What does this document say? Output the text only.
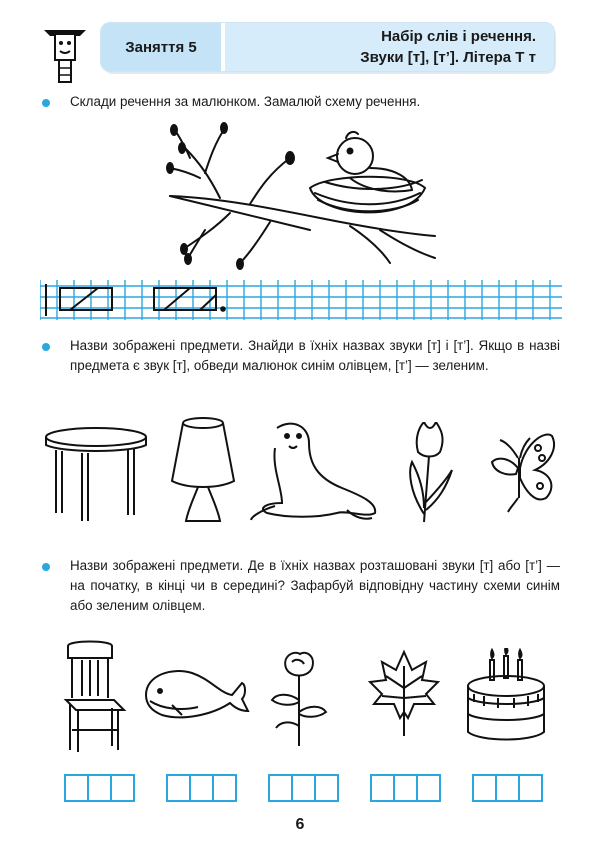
Заняття 5
Набір слів і речення.
Звуки [т], [т’]. Літера Т т
Склади речення за малюнком. Замалюй схему речення.
Назви зображені предмети. Знайди в їхніх назвах звуки [т] і [т’]. Якщо в назві предмета є звук [т], обведи малюнок синім олівцем, [т’] — зеленим.
Назви зображені предмети. Де в їхніх назвах розташовані звуки [т] або [т’] — на початку, в кінці чи в середині? Зафарбуй відповідну частину схеми синім або зеленим олівцем.
6
